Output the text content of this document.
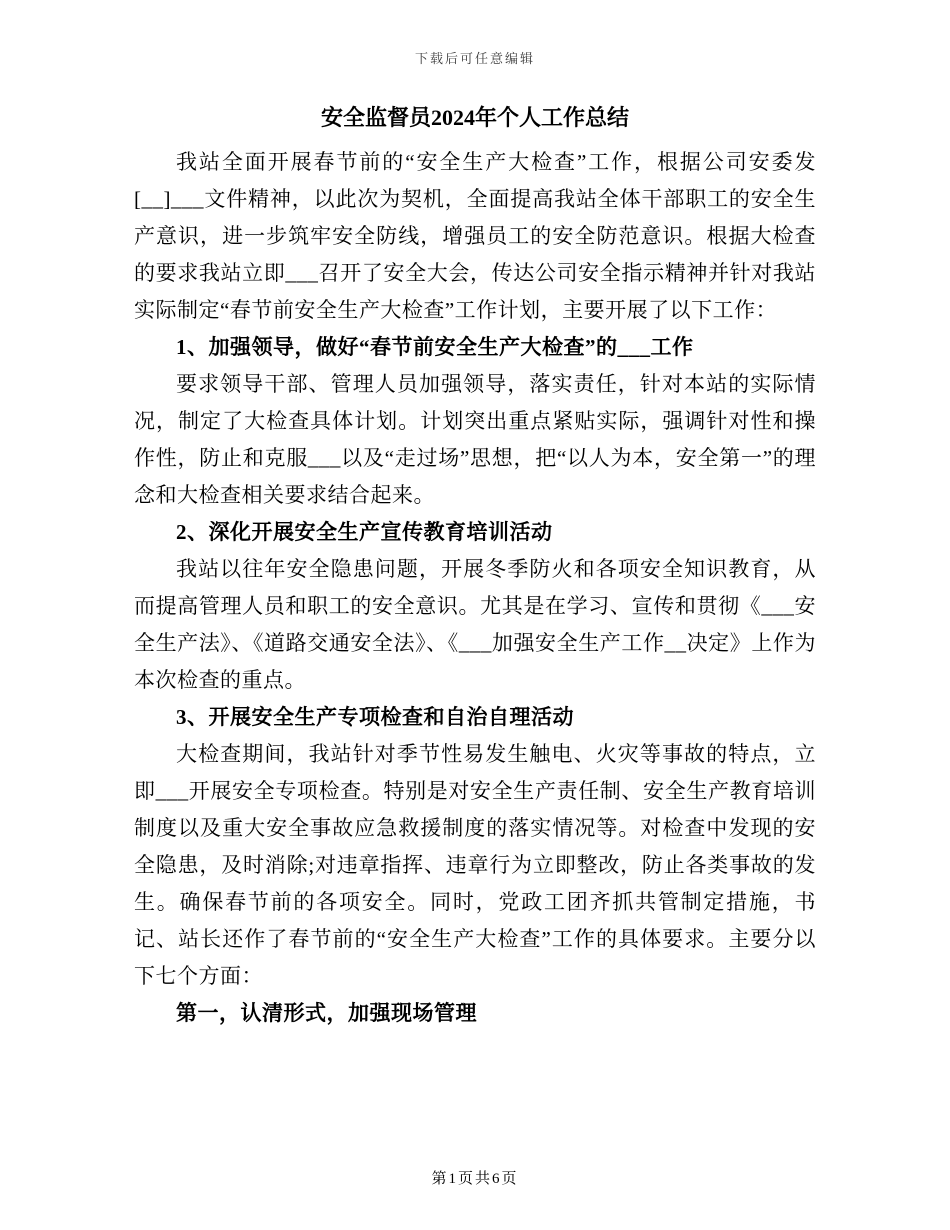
下载后可任意编辑
安全监督员2024年个人工作总结

我站全面开展春节前的“安全生产大检查”工作，根据公司安委发[__]___文件精神，以此次为契机，全面提高我站全体干部职工的安全生产意识，进一步筑牢安全防线，增强员工的安全防范意识。根据大检查的要求我站立即___召开了安全大会，传达公司安全指示精神并针对我站实际制定“春节前安全生产大检查”工作计划，主要开展了以下工作：

1、加强领导，做好“春节前安全生产大检查”的___工作

要求领导干部、管理人员加强领导，落实责任，针对本站的实际情况，制定了大检查具体计划。计划突出重点紧贴实际，强调针对性和操作性，防止和克服___以及“走过场”思想，把“以人为本，安全第一”的理念和大检查相关要求结合起来。

2、深化开展安全生产宣传教育培训活动

我站以往年安全隐患问题，开展冬季防火和各项安全知识教育，从而提高管理人员和职工的安全意识。尤其是在学习、宣传和贯彻《___安全生产法》、《道路交通安全法》、《___加强安全生产工作__决定》上作为本次检查的重点。

3、开展安全生产专项检查和自治自理活动

大检查期间，我站针对季节性易发生触电、火灾等事故的特点，立即___开展安全专项检查。特别是对安全生产责任制、安全生产教育培训制度以及重大安全事故应急救援制度的落实情况等。对检查中发现的安全隐患，及时消除;对违章指挥、违章行为立即整改，防止各类事故的发生。确保春节前的各项安全。同时，党政工团齐抓共管制定措施，书记、站长还作了春节前的“安全生产大检查”工作的具体要求。主要分以下七个方面：

第一，认清形式，加强现场管理

第1页共6页
